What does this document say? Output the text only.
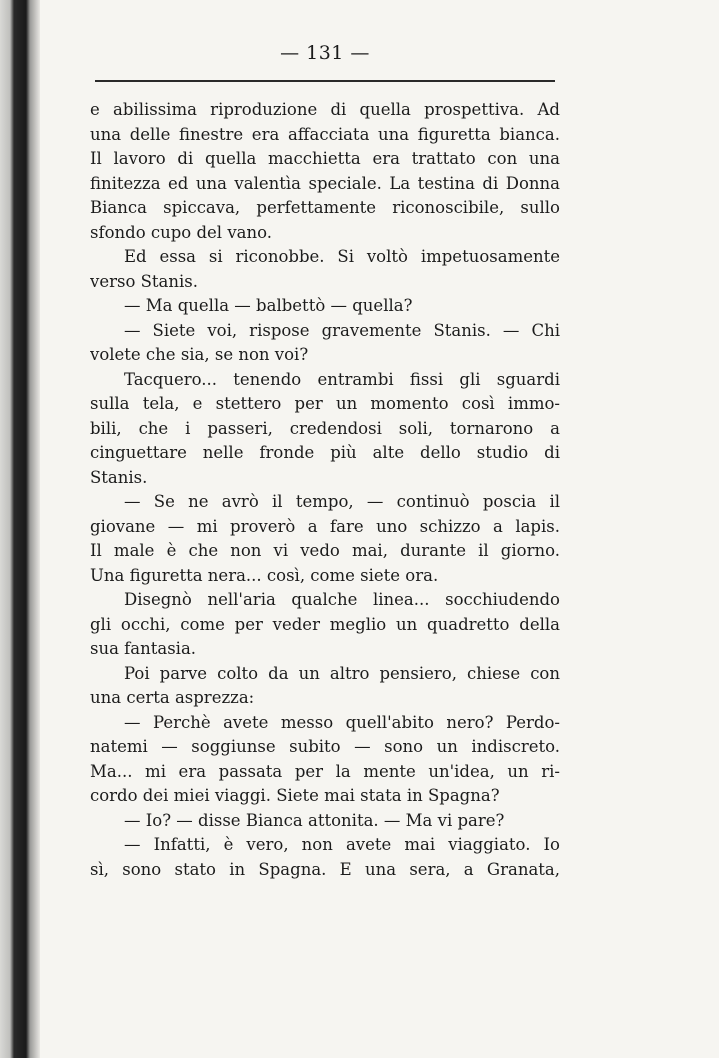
— 131 —
e abilissima riproduzione di quella prospettiva. Ad
una delle finestre era affacciata una figuretta bianca.
Il lavoro di quella macchietta era trattato con una
finitezza ed una valentìa speciale. La testina di Donna
Bianca spiccava, perfettamente riconoscibile, sullo
sfondo cupo del vano.
Ed essa si riconobbe. Si voltò impetuosamente
verso Stanis.
— Ma quella — balbettò — quella?
— Siete voi, rispose gravemente Stanis. — Chi
volete che sia, se non voi?
Tacquero... tenendo entrambi fissi gli sguardi
sulla tela, e stettero per un momento così immo-
bili, che i passeri, credendosi soli, tornarono a
cinguettare nelle fronde più alte dello studio di
Stanis.
— Se ne avrò il tempo, — continuò poscia il
giovane — mi proverò a fare uno schizzo a lapis.
Il male è che non vi vedo mai, durante il giorno.
Una figuretta nera... così, come siete ora.
Disegnò nell'aria qualche linea... socchiudendo
gli occhi, come per veder meglio un quadretto della
sua fantasia.
Poi parve colto da un altro pensiero, chiese con
una certa asprezza:
— Perchè avete messo quell'abito nero? Perdo-
natemi — soggiunse subito — sono un indiscreto.
Ma... mi era passata per la mente un'idea, un ri-
cordo dei miei viaggi. Siete mai stata in Spagna?
— Io? — disse Bianca attonita. — Ma vi pare?
— Infatti, è vero, non avete mai viaggiato. Io
sì, sono stato in Spagna. E una sera, a Granata,
